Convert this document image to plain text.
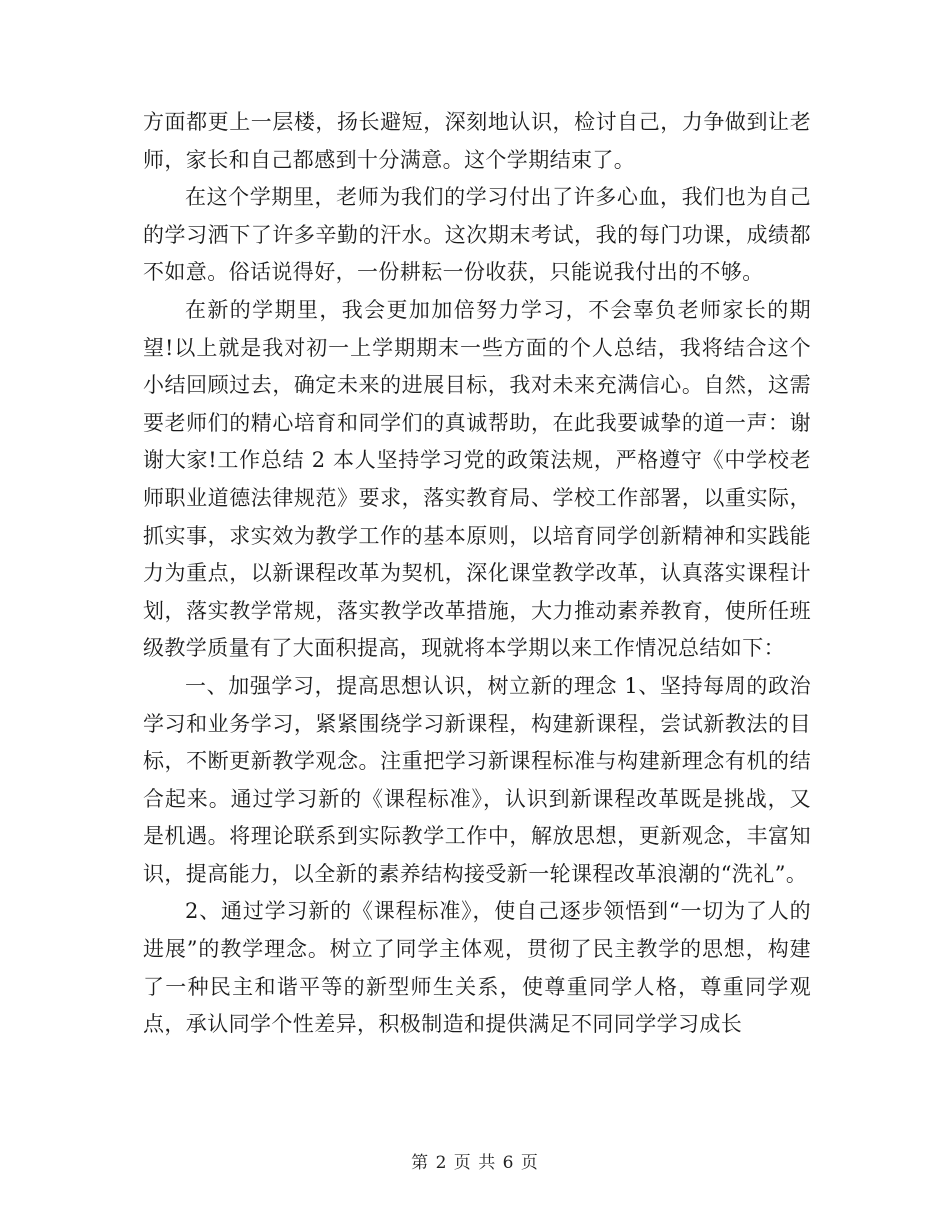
方面都更上一层楼，扬长避短，深刻地认识，检讨自己，力争做到让老师，家长和自己都感到十分满意。这个学期结束了。

在这个学期里，老师为我们的学习付出了许多心血，我们也为自己的学习洒下了许多辛勤的汗水。这次期末考试，我的每门功课，成绩都不如意。俗话说得好，一份耕耘一份收获，只能说我付出的不够。

在新的学期里，我会更加加倍努力学习，不会辜负老师家长的期望!以上就是我对初一上学期期末一些方面的个人总结，我将结合这个小结回顾过去，确定未来的进展目标，我对未来充满信心。自然，这需要老师们的精心培育和同学们的真诚帮助，在此我要诚挚的道一声：谢谢大家!工作总结 2 本人坚持学习党的政策法规，严格遵守《中学校老师职业道德法律规范》要求，落实教育局、学校工作部署，以重实际，抓实事，求实效为教学工作的基本原则，以培育同学创新精神和实践能力为重点，以新课程改革为契机，深化课堂教学改革，认真落实课程计划，落实教学常规，落实教学改革措施，大力推动素养教育，使所任班级教学质量有了大面积提高，现就将本学期以来工作情况总结如下：

一、加强学习，提高思想认识，树立新的理念 1、坚持每周的政治学习和业务学习，紧紧围绕学习新课程，构建新课程，尝试新教法的目标，不断更新教学观念。注重把学习新课程标准与构建新理念有机的结合起来。通过学习新的《课程标准》，认识到新课程改革既是挑战，又是机遇。将理论联系到实际教学工作中，解放思想，更新观念，丰富知识，提高能力，以全新的素养结构接受新一轮课程改革浪潮的“洗礼”。

2、通过学习新的《课程标准》，使自己逐步领悟到“一切为了人的进展”的教学理念。树立了同学主体观，贯彻了民主教学的思想，构建了一种民主和谐平等的新型师生关系，使尊重同学人格，尊重同学观点，承认同学个性差异，积极制造和提供满足不同同学学习成长

第 2 页 共 6 页
